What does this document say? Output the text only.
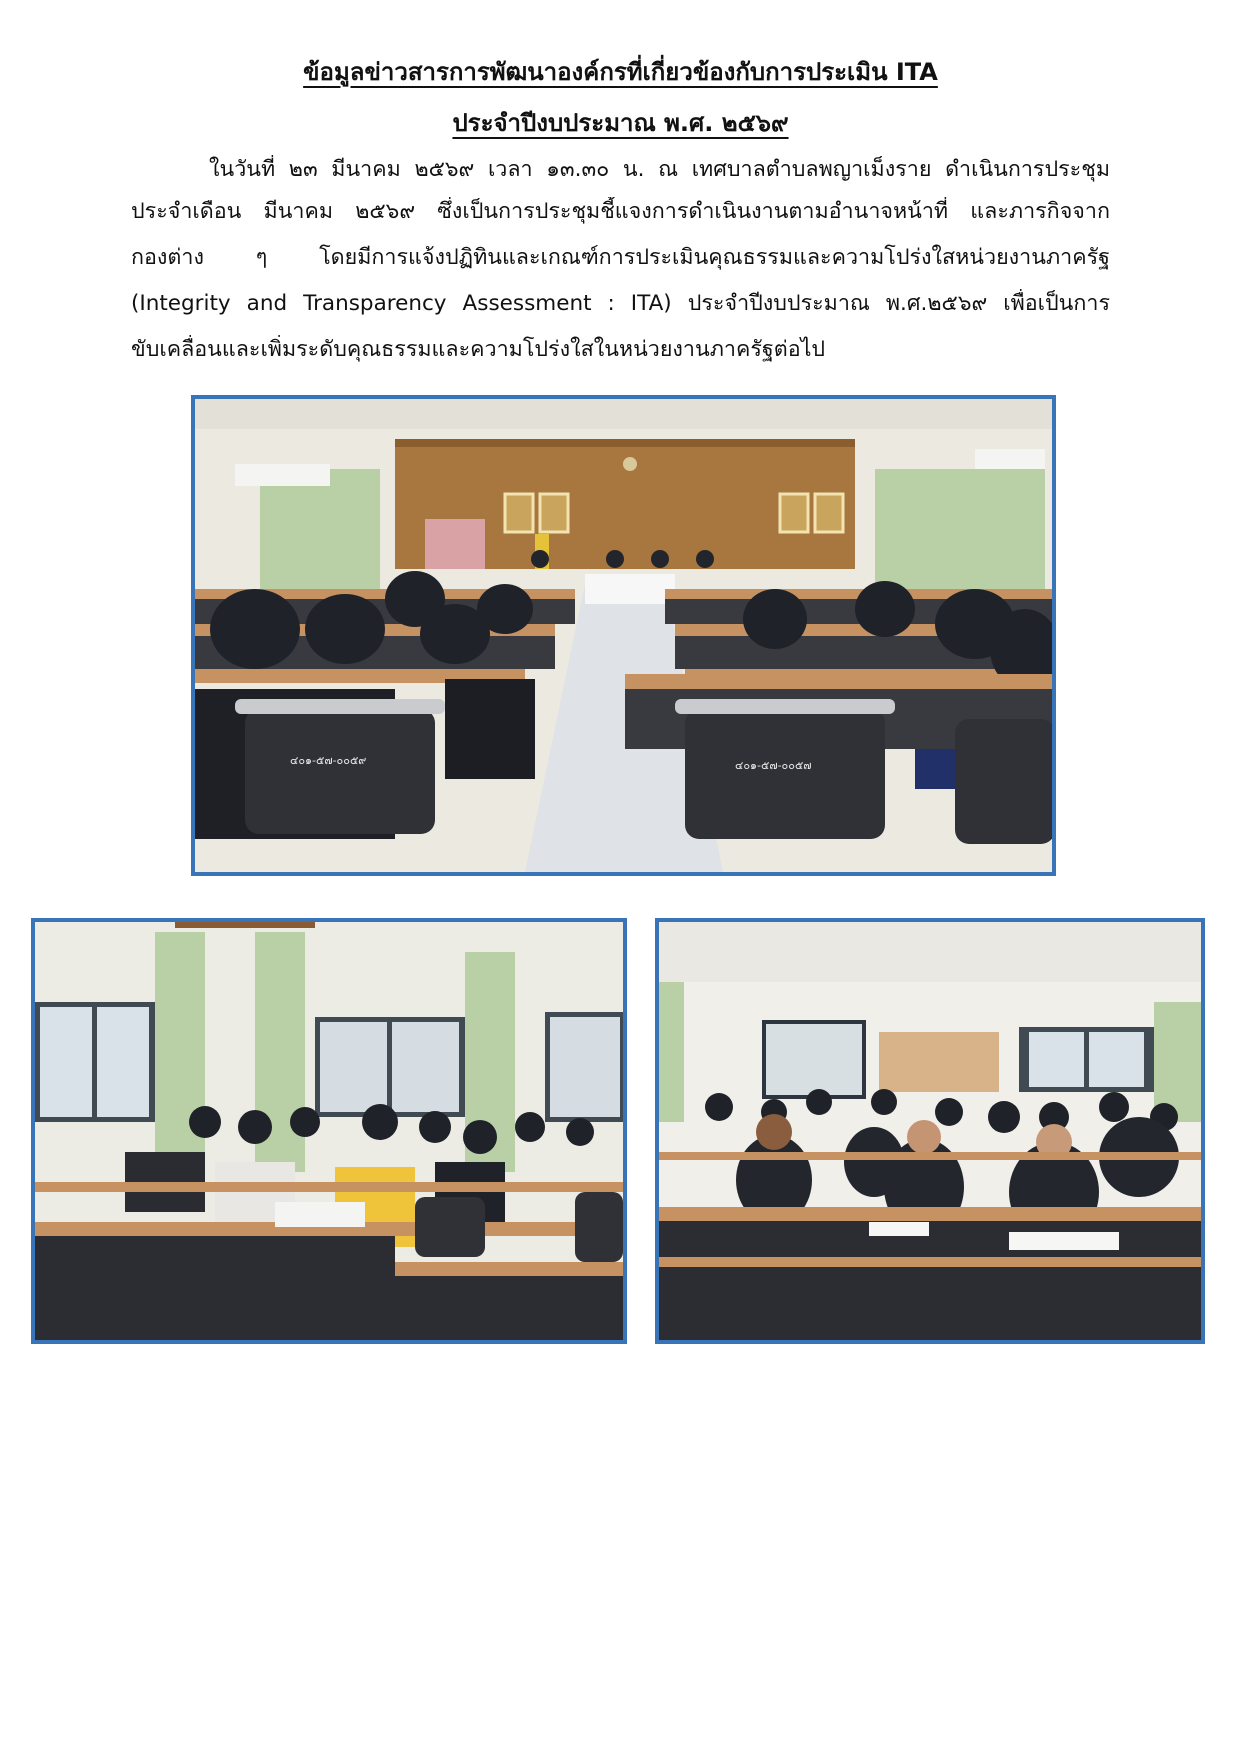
ข้อมูลข่าวสารการพัฒนาองค์กรที่เกี่ยวข้องกับการประเมิน ITA
ประจำปีงบประมาณ พ.ศ. ๒๕๖๙
ในวันที่ ๒๓ มีนาคม ๒๕๖๙ เวลา ๑๓.๓๐ น. ณ เทศบาลตำบลพญาเม็งราย ดำเนินการประชุม
ประจำเดือน มีนาคม ๒๕๖๙ ซึ่งเป็นการประชุมชี้แจงการดำเนินงานตามอำนาจหน้าที่ และภารกิจจาก
กองต่าง ๆ โดยมีการแจ้งปฏิทินและเกณฑ์การประเมินคุณธรรมและความโปร่งใสหน่วยงานภาครัฐ
(Integrity and Transparency Assessment : ITA) ประจำปีงบประมาณ พ.ศ.๒๕๖๙ เพื่อเป็นการ
ขับเคลื่อนและเพิ่มระดับคุณธรรมและความโปร่งใสในหน่วยงานภาครัฐต่อไป
๔๐๑-๕๗-๐๐๕๙	๔๐๑-๕๗-๐๐๕๗
